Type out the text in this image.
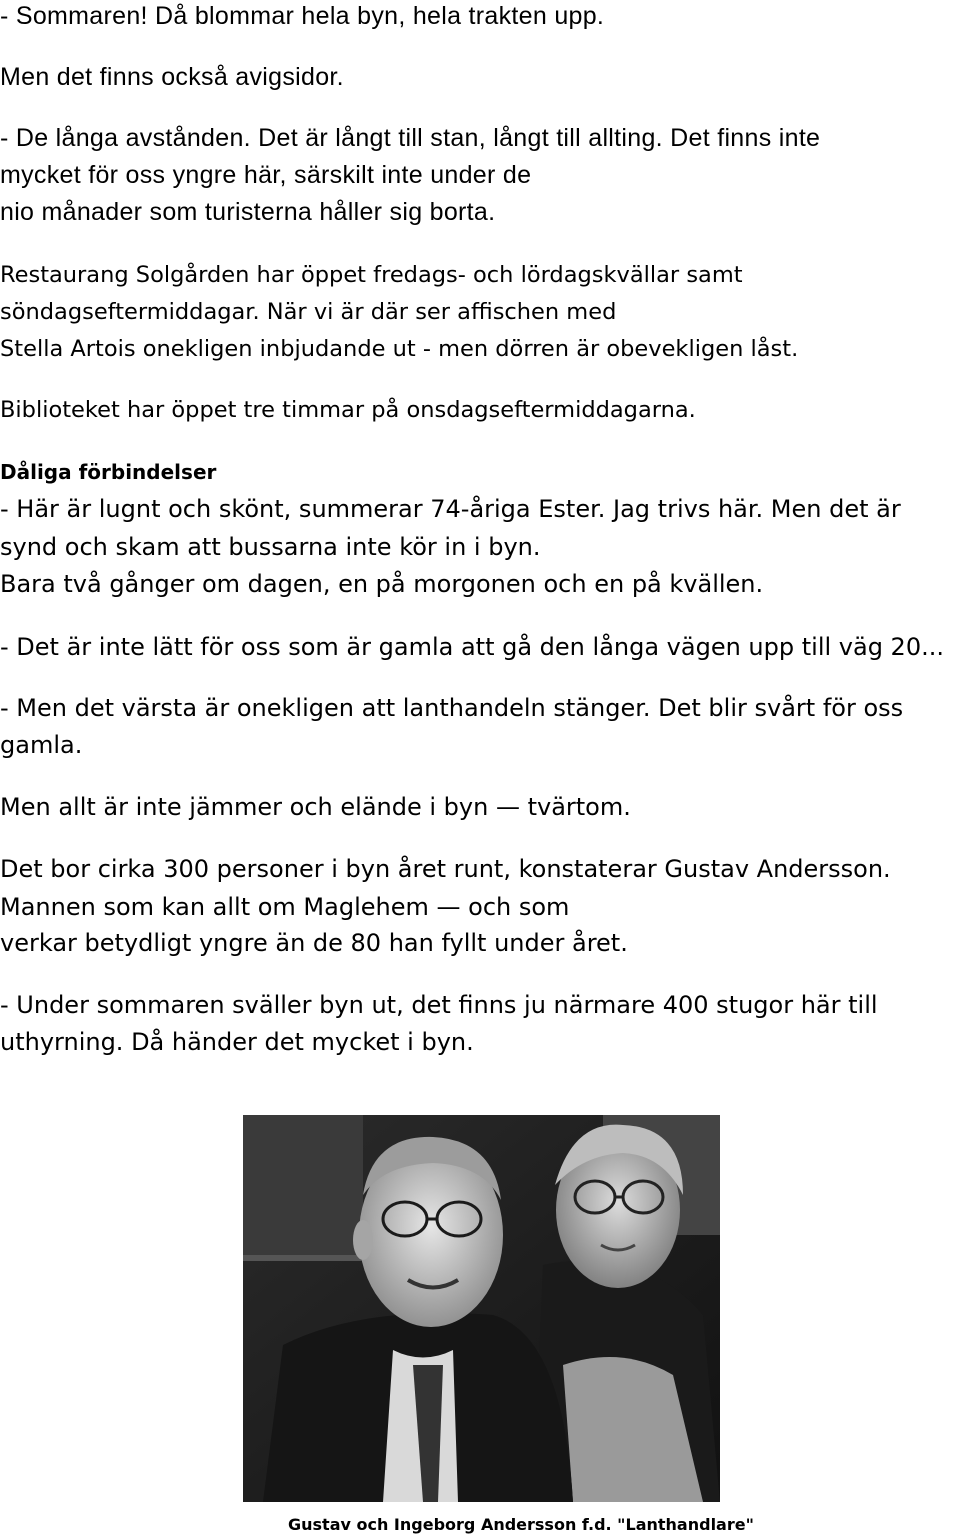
- Sommaren! Då blommar hela byn, hela trakten upp.
Men det finns också avigsidor.
- De långa avstånden. Det är långt till stan, långt till allting. Det finns inte
mycket för oss yngre här, särskilt inte under de
nio månader som turisterna håller sig borta.
Restaurang Solgården har öppet fredags- och lördagskvällar samt
söndagseftermiddagar. När vi är där ser affischen med
Stella Artois onekligen inbjudande ut - men dörren är obevekligen låst.
Biblioteket har öppet tre timmar på onsdagseftermiddagarna.
Dåliga förbindelser
- Här är lugnt och skönt, summerar 74-åriga Ester. Jag trivs här. Men det är
synd och skam att bussarna inte kör in i byn.
Bara två gånger om dagen, en på morgonen och en på kvällen.
- Det är inte lätt för oss som är gamla att gå den långa vägen upp till väg 20...
- Men det värsta är onekligen att lanthandeln stänger. Det blir svårt för oss
gamla.
Men allt är inte jämmer och elände i byn — tvärtom.
Det bor cirka 300 personer i byn året runt, konstaterar Gustav Andersson.
Mannen som kan allt om Maglehem — och som
verkar betydligt yngre än de 80 han fyllt under året.
- Under sommaren sväller byn ut, det finns ju närmare 400 stugor här till
uthyrning. Då händer det mycket i byn.
Gustav och Ingeborg Andersson f.d. "Lanthandlare"
